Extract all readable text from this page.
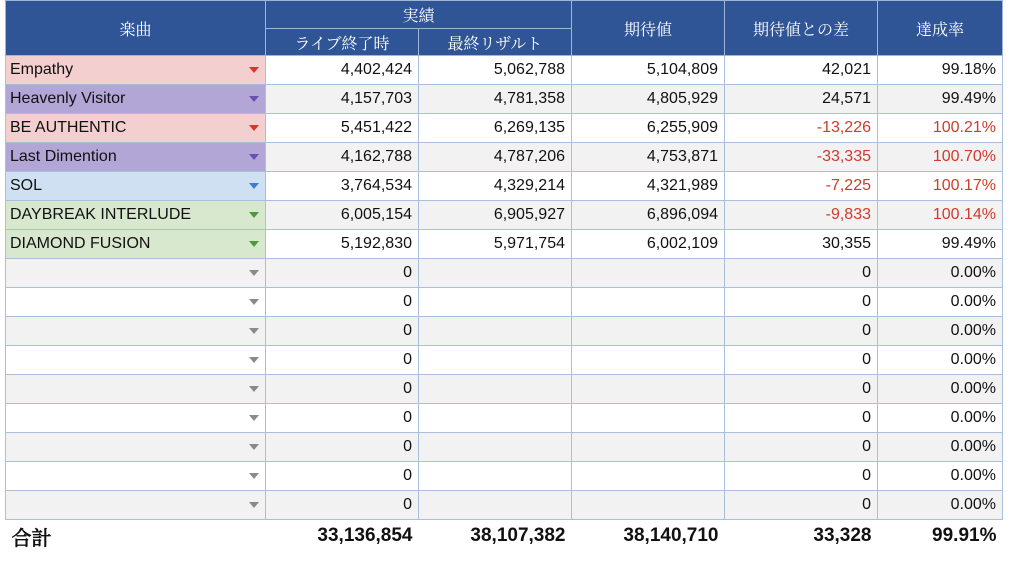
楽曲	実績		期待値	期待値との差	達成率
	ライブ終了時	最終リザルト			
Empathy	4,402,424	5,062,788	5,104,809	42,021	99.18%
Heavenly Visitor	4,157,703	4,781,358	4,805,929	24,571	99.49%
BE AUTHENTIC	5,451,422	6,269,135	6,255,909	-13,226	100.21%
Last Dimention	4,162,788	4,787,206	4,753,871	-33,335	100.70%
SOL	3,764,534	4,329,214	4,321,989	-7,225	100.17%
DAYBREAK INTERLUDE	6,005,154	6,905,927	6,896,094	-9,833	100.14%
DIAMOND FUSION	5,192,830	5,971,754	6,002,109	30,355	99.49%

	0			0	0.00%

	0			0	0.00%

	0			0	0.00%

	0			0	0.00%

	0			0	0.00%

	0			0	0.00%

	0			0	0.00%

	0			0	0.00%

	0			0	0.00%
合計	33,136,854	38,107,382	38,140,710	33,328	99.91%
